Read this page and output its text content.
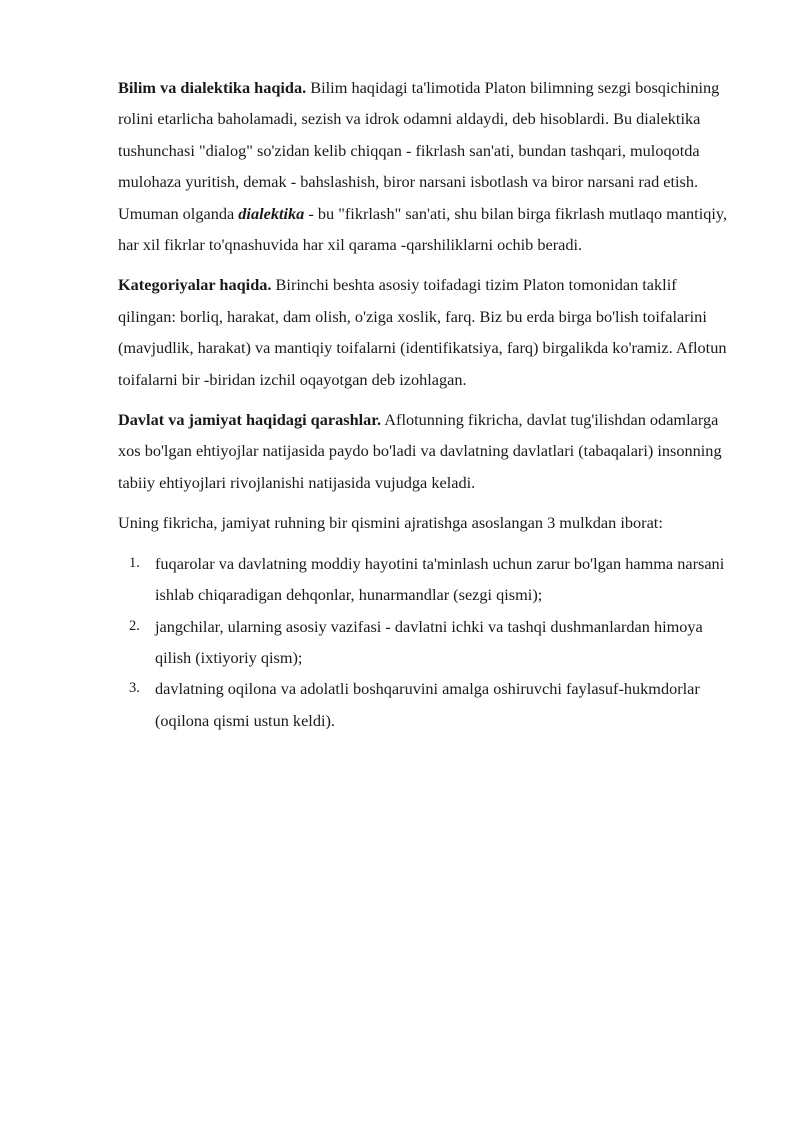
Bilim va dialektika haqida. Bilim haqidagi ta'limotida Platon bilimning sezgi bosqichining rolini etarlicha baholamadi, sezish va idrok odamni aldaydi, deb hisoblardi. Bu dialektika tushunchasi "dialog" so'zidan kelib chiqqan - fikrlash san'ati, bundan tashqari, muloqotda mulohaza yuritish, demak - bahslashish, biror narsani isbotlash va biror narsani rad etish. Umuman olganda dialektika - bu "fikrlash" san'ati, shu bilan birga fikrlash mutlaqo mantiqiy, har xil fikrlar to'qnashuvida har xil qarama -qarshiliklarni ochib beradi.

Kategoriyalar haqida. Birinchi beshta asosiy toifadagi tizim Platon tomonidan taklif qilingan: borliq, harakat, dam olish, o'ziga xoslik, farq. Biz bu erda birga bo'lish toifalarini (mavjudlik, harakat) va mantiqiy toifalarni (identifikatsiya, farq) birgalikda ko'ramiz. Aflotun toifalarni bir -biridan izchil oqayotgan deb izohlagan.

Davlat va jamiyat haqidagi qarashlar. Aflotunning fikricha, davlat tug'ilishdan odamlarga xos bo'lgan ehtiyojlar natijasida paydo bo'ladi va davlatning davlatlari (tabaqalari) insonning tabiiy ehtiyojlari rivojlanishi natijasida vujudga keladi.

Uning fikricha, jamiyat ruhning bir qismini ajratishga asoslangan 3 mulkdan iborat:

1. fuqarolar va davlatning moddiy hayotini ta'minlash uchun zarur bo'lgan hamma narsani ishlab chiqaradigan dehqonlar, hunarmandlar (sezgi qismi);
2. jangchilar, ularning asosiy vazifasi - davlatni ichki va tashqi dushmanlardan himoya qilish (ixtiyoriy qism);
3. davlatning oqilona va adolatli boshqaruvini amalga oshiruvchi faylasuf-hukmdorlar (oqilona qismi ustun keldi).
